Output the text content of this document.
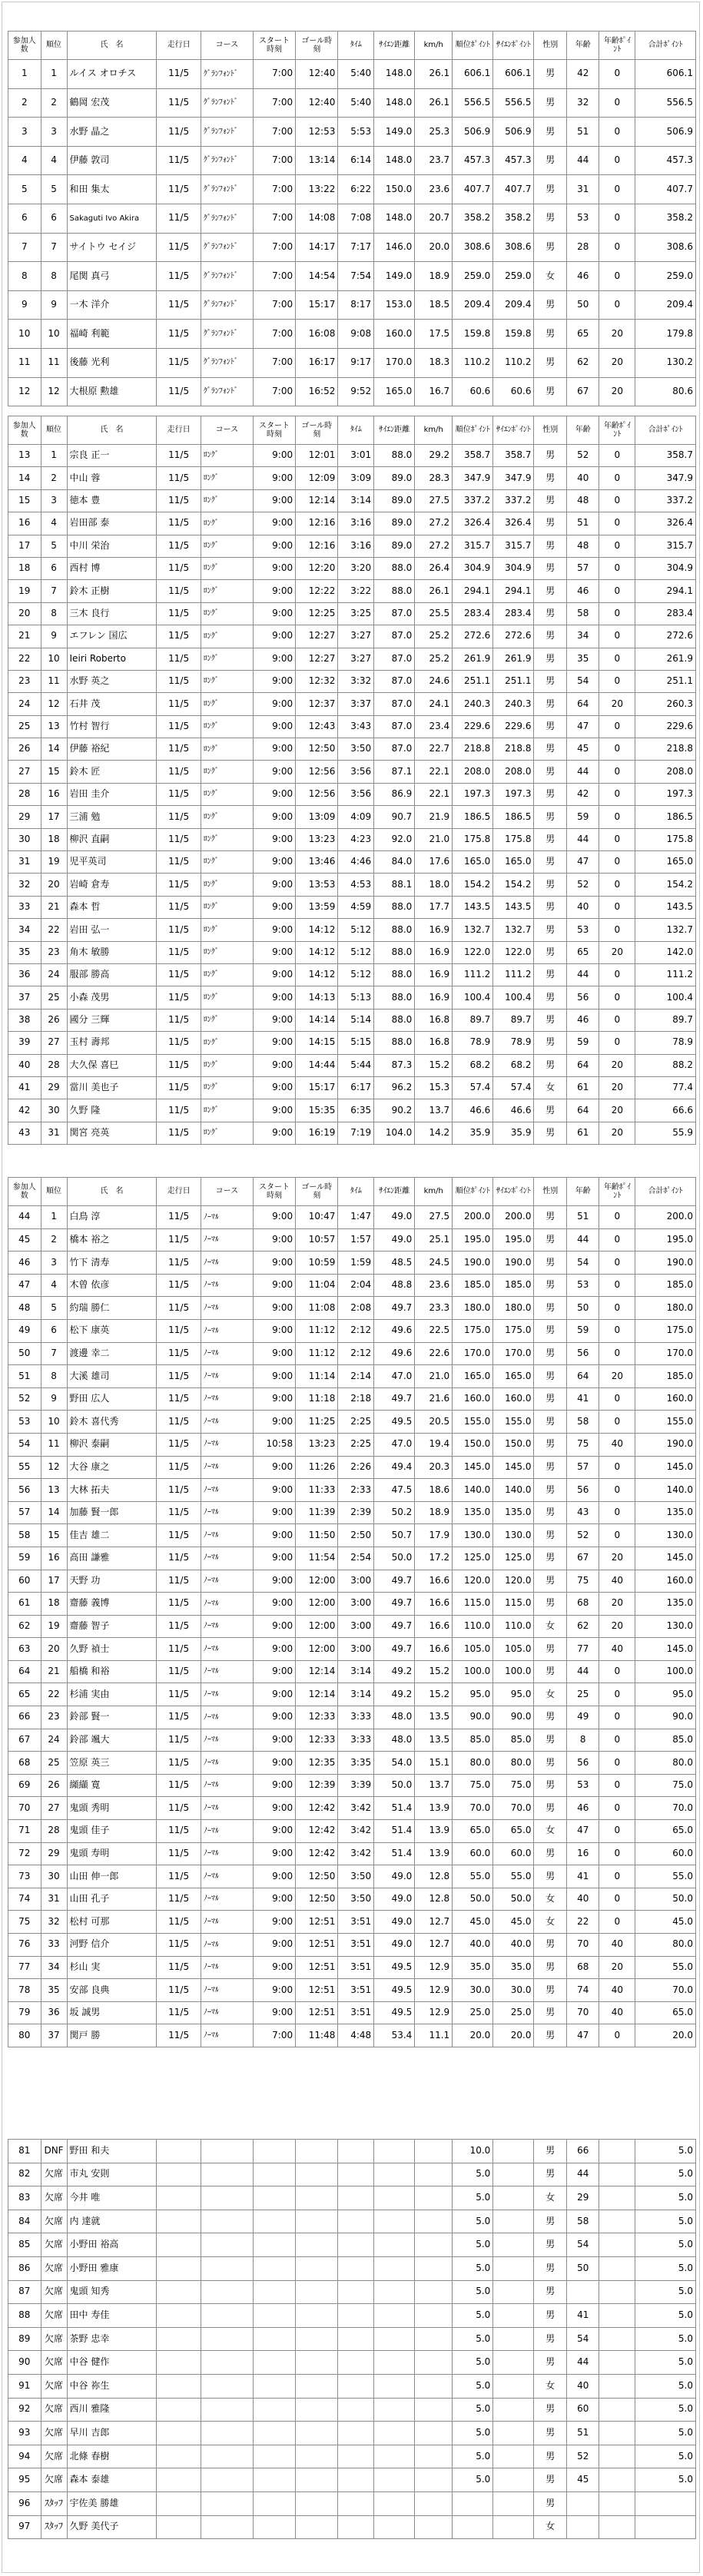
参加人数	順位	氏　名	走行日	コース	スタート時刻	ゴール時刻	ﾀｲﾑ	ｻｲｴﾝ距離	km/h	順位ﾎﾟｲﾝﾄ	ｻｲｴﾝﾎﾟｲﾝﾄ	性別	年齢	年齢ﾎﾟｲﾝﾄ	合計ﾎﾟｲﾝﾄ
1	1	ルイス オロチス	11/5	ｸﾞﾗﾝﾌｫﾝﾄﾞ	7:00	12:40	5:40	148.0	26.1	606.1	606.1	男	42	0	606.1
2	2	鶴岡 宏茂	11/5	ｸﾞﾗﾝﾌｫﾝﾄﾞ	7:00	12:40	5:40	148.0	26.1	556.5	556.5	男	32	0	556.5
3	3	水野 晶之	11/5	ｸﾞﾗﾝﾌｫﾝﾄﾞ	7:00	12:53	5:53	149.0	25.3	506.9	506.9	男	51	0	506.9
4	4	伊藤 敦司	11/5	ｸﾞﾗﾝﾌｫﾝﾄﾞ	7:00	13:14	6:14	148.0	23.7	457.3	457.3	男	44	0	457.3
5	5	和田 集太	11/5	ｸﾞﾗﾝﾌｫﾝﾄﾞ	7:00	13:22	6:22	150.0	23.6	407.7	407.7	男	31	0	407.7
6	6	Sakaguti Ivo Akira	11/5	ｸﾞﾗﾝﾌｫﾝﾄﾞ	7:00	14:08	7:08	148.0	20.7	358.2	358.2	男	53	0	358.2
7	7	サイトウ セイジ	11/5	ｸﾞﾗﾝﾌｫﾝﾄﾞ	7:00	14:17	7:17	146.0	20.0	308.6	308.6	男	28	0	308.6
8	8	尾関 真弓	11/5	ｸﾞﾗﾝﾌｫﾝﾄﾞ	7:00	14:54	7:54	149.0	18.9	259.0	259.0	女	46	0	259.0
9	9	一木 洋介	11/5	ｸﾞﾗﾝﾌｫﾝﾄﾞ	7:00	15:17	8:17	153.0	18.5	209.4	209.4	男	50	0	209.4
10	10	福崎 利範	11/5	ｸﾞﾗﾝﾌｫﾝﾄﾞ	7:00	16:08	9:08	160.0	17.5	159.8	159.8	男	65	20	179.8
11	11	後藤 光利	11/5	ｸﾞﾗﾝﾌｫﾝﾄﾞ	7:00	16:17	9:17	170.0	18.3	110.2	110.2	男	62	20	130.2
12	12	大根原 勲雄	11/5	ｸﾞﾗﾝﾌｫﾝﾄﾞ	7:00	16:52	9:52	165.0	16.7	60.6	60.6	男	67	20	80.6
参加人数	順位	氏　名	走行日	コース	スタート時刻	ゴール時刻	ﾀｲﾑ	ｻｲｴﾝ距離	km/h	順位ﾎﾟｲﾝﾄ	ｻｲｴﾝﾎﾟｲﾝﾄ	性別	年齢	年齢ﾎﾟｲﾝﾄ	合計ﾎﾟｲﾝﾄ
13	1	宗良 正一	11/5	ﾛﾝｸﾞ	9:00	12:01	3:01	88.0	29.2	358.7	358.7	男	52	0	358.7
14	2	中山 蓉	11/5	ﾛﾝｸﾞ	9:00	12:09	3:09	89.0	28.3	347.9	347.9	男	40	0	347.9
15	3	徳本 豊	11/5	ﾛﾝｸﾞ	9:00	12:14	3:14	89.0	27.5	337.2	337.2	男	48	0	337.2
16	4	岩田部 泰	11/5	ﾛﾝｸﾞ	9:00	12:16	3:16	89.0	27.2	326.4	326.4	男	51	0	326.4
17	5	中川 栄治	11/5	ﾛﾝｸﾞ	9:00	12:16	3:16	89.0	27.2	315.7	315.7	男	48	0	315.7
18	6	西村 博	11/5	ﾛﾝｸﾞ	9:00	12:20	3:20	88.0	26.4	304.9	304.9	男	57	0	304.9
19	7	鈴木 正樹	11/5	ﾛﾝｸﾞ	9:00	12:22	3:22	88.0	26.1	294.1	294.1	男	46	0	294.1
20	8	三木 良行	11/5	ﾛﾝｸﾞ	9:00	12:25	3:25	87.0	25.5	283.4	283.4	男	58	0	283.4
21	9	エフレン 国広	11/5	ﾛﾝｸﾞ	9:00	12:27	3:27	87.0	25.2	272.6	272.6	男	34	0	272.6
22	10	Ieiri Roberto	11/5	ﾛﾝｸﾞ	9:00	12:27	3:27	87.0	25.2	261.9	261.9	男	35	0	261.9
23	11	水野 英之	11/5	ﾛﾝｸﾞ	9:00	12:32	3:32	87.0	24.6	251.1	251.1	男	54	0	251.1
24	12	石井 茂	11/5	ﾛﾝｸﾞ	9:00	12:37	3:37	87.0	24.1	240.3	240.3	男	64	20	260.3
25	13	竹村 智行	11/5	ﾛﾝｸﾞ	9:00	12:43	3:43	87.0	23.4	229.6	229.6	男	47	0	229.6
26	14	伊藤 裕紀	11/5	ﾛﾝｸﾞ	9:00	12:50	3:50	87.0	22.7	218.8	218.8	男	45	0	218.8
27	15	鈴木 匠	11/5	ﾛﾝｸﾞ	9:00	12:56	3:56	87.1	22.1	208.0	208.0	男	44	0	208.0
28	16	岩田 圭介	11/5	ﾛﾝｸﾞ	9:00	12:56	3:56	86.9	22.1	197.3	197.3	男	42	0	197.3
29	17	三浦 勉	11/5	ﾛﾝｸﾞ	9:00	13:09	4:09	90.7	21.9	186.5	186.5	男	59	0	186.5
30	18	柳沢 直嗣	11/5	ﾛﾝｸﾞ	9:00	13:23	4:23	92.0	21.0	175.8	175.8	男	44	0	175.8
31	19	児平英司	11/5	ﾛﾝｸﾞ	9:00	13:46	4:46	84.0	17.6	165.0	165.0	男	47	0	165.0
32	20	岩崎 倉寿	11/5	ﾛﾝｸﾞ	9:00	13:53	4:53	88.1	18.0	154.2	154.2	男	52	0	154.2
33	21	森本 哲	11/5	ﾛﾝｸﾞ	9:00	13:59	4:59	88.0	17.7	143.5	143.5	男	40	0	143.5
34	22	岩田 弘一	11/5	ﾛﾝｸﾞ	9:00	14:12	5:12	88.0	16.9	132.7	132.7	男	53	0	132.7
35	23	角木 敏勝	11/5	ﾛﾝｸﾞ	9:00	14:12	5:12	88.0	16.9	122.0	122.0	男	65	20	142.0
36	24	服部 勝高	11/5	ﾛﾝｸﾞ	9:00	14:12	5:12	88.0	16.9	111.2	111.2	男	44	0	111.2
37	25	小森 茂男	11/5	ﾛﾝｸﾞ	9:00	14:13	5:13	88.0	16.9	100.4	100.4	男	56	0	100.4
38	26	國分 三輝	11/5	ﾛﾝｸﾞ	9:00	14:14	5:14	88.0	16.8	89.7	89.7	男	46	0	89.7
39	27	玉村 壽邦	11/5	ﾛﾝｸﾞ	9:00	14:15	5:15	88.0	16.8	78.9	78.9	男	59	0	78.9
40	28	大久保 喜巳	11/5	ﾛﾝｸﾞ	9:00	14:44	5:44	87.3	15.2	68.2	68.2	男	64	20	88.2
41	29	當川 美也子	11/5	ﾛﾝｸﾞ	9:00	15:17	6:17	96.2	15.3	57.4	57.4	女	61	20	77.4
42	30	久野 隆	11/5	ﾛﾝｸﾞ	9:00	15:35	6:35	90.2	13.7	46.6	46.6	男	64	20	66.6
43	31	関宮 亮英	11/5	ﾛﾝｸﾞ	9:00	16:19	7:19	104.0	14.2	35.9	35.9	男	61	20	55.9
参加人数	順位	氏　名	走行日	コース	スタート時刻	ゴール時刻	ﾀｲﾑ	ｻｲｴﾝ距離	km/h	順位ﾎﾟｲﾝﾄ	ｻｲｴﾝﾎﾟｲﾝﾄ	性別	年齢	年齢ﾎﾟｲﾝﾄ	合計ﾎﾟｲﾝﾄ
44	1	白鳥 淳	11/5	ﾉｰﾏﾙ	9:00	10:47	1:47	49.0	27.5	200.0	200.0	男	51	0	200.0
45	2	橋本 裕之	11/5	ﾉｰﾏﾙ	9:00	10:57	1:57	49.0	25.1	195.0	195.0	男	44	0	195.0
46	3	竹下 清寿	11/5	ﾉｰﾏﾙ	9:00	10:59	1:59	48.5	24.5	190.0	190.0	男	54	0	190.0
47	4	木曾 依彦	11/5	ﾉｰﾏﾙ	9:00	11:04	2:04	48.8	23.6	185.0	185.0	男	53	0	185.0
48	5	約瑞 勝仁	11/5	ﾉｰﾏﾙ	9:00	11:08	2:08	49.7	23.3	180.0	180.0	男	50	0	180.0
49	6	松下 康英	11/5	ﾉｰﾏﾙ	9:00	11:12	2:12	49.6	22.5	175.0	175.0	男	59	0	175.0
50	7	渡邊 幸二	11/5	ﾉｰﾏﾙ	9:00	11:12	2:12	49.6	22.6	170.0	170.0	男	56	0	170.0
51	8	大溪 雄司	11/5	ﾉｰﾏﾙ	9:00	11:14	2:14	47.0	21.0	165.0	165.0	男	64	20	185.0
52	9	野田 広人	11/5	ﾉｰﾏﾙ	9:00	11:18	2:18	49.7	21.6	160.0	160.0	男	41	0	160.0
53	10	鈴木 喜代秀	11/5	ﾉｰﾏﾙ	9:00	11:25	2:25	49.5	20.5	155.0	155.0	男	58	0	155.0
54	11	柳沢 泰嗣	11/5	ﾉｰﾏﾙ	10:58	13:23	2:25	47.0	19.4	150.0	150.0	男	75	40	190.0
55	12	大谷 康之	11/5	ﾉｰﾏﾙ	9:00	11:26	2:26	49.4	20.3	145.0	145.0	男	57	0	145.0
56	13	大林 拓夫	11/5	ﾉｰﾏﾙ	9:00	11:33	2:33	47.5	18.6	140.0	140.0	男	56	0	140.0
57	14	加藤 賢一郎	11/5	ﾉｰﾏﾙ	9:00	11:39	2:39	50.2	18.9	135.0	135.0	男	43	0	135.0
58	15	佳吉 雄二	11/5	ﾉｰﾏﾙ	9:00	11:50	2:50	50.7	17.9	130.0	130.0	男	52	0	130.0
59	16	高田 謙雅	11/5	ﾉｰﾏﾙ	9:00	11:54	2:54	50.0	17.2	125.0	125.0	男	67	20	145.0
60	17	天野 功	11/5	ﾉｰﾏﾙ	9:00	12:00	3:00	49.7	16.6	120.0	120.0	男	75	40	160.0
61	18	齋藤 義博	11/5	ﾉｰﾏﾙ	9:00	12:00	3:00	49.7	16.6	115.0	115.0	男	68	20	135.0
62	19	齋藤 智子	11/5	ﾉｰﾏﾙ	9:00	12:00	3:00	49.7	16.6	110.0	110.0	女	62	20	130.0
63	20	久野 禎士	11/5	ﾉｰﾏﾙ	9:00	12:00	3:00	49.7	16.6	105.0	105.0	男	77	40	145.0
64	21	船橋 和裕	11/5	ﾉｰﾏﾙ	9:00	12:14	3:14	49.2	15.2	100.0	100.0	男	44	0	100.0
65	22	杉浦 実由	11/5	ﾉｰﾏﾙ	9:00	12:14	3:14	49.2	15.2	95.0	95.0	女	25	0	95.0
66	23	鈴部 賢一	11/5	ﾉｰﾏﾙ	9:00	12:33	3:33	48.0	13.5	90.0	90.0	男	49	0	90.0
67	24	鈴部 颯大	11/5	ﾉｰﾏﾙ	9:00	12:33	3:33	48.0	13.5	85.0	85.0	男	8	0	85.0
68	25	笠原 英三	11/5	ﾉｰﾏﾙ	9:00	12:35	3:35	54.0	15.1	80.0	80.0	男	56	0	80.0
69	26	纐纈 寛	11/5	ﾉｰﾏﾙ	9:00	12:39	3:39	50.0	13.7	75.0	75.0	男	53	0	75.0
70	27	鬼頭 秀明	11/5	ﾉｰﾏﾙ	9:00	12:42	3:42	51.4	13.9	70.0	70.0	男	46	0	70.0
71	28	鬼頭 佳子	11/5	ﾉｰﾏﾙ	9:00	12:42	3:42	51.4	13.9	65.0	65.0	女	47	0	65.0
72	29	鬼頭 寿明	11/5	ﾉｰﾏﾙ	9:00	12:42	3:42	51.4	13.9	60.0	60.0	男	16	0	60.0
73	30	山田 伸一郎	11/5	ﾉｰﾏﾙ	9:00	12:50	3:50	49.0	12.8	55.0	55.0	男	41	0	55.0
74	31	山田 孔子	11/5	ﾉｰﾏﾙ	9:00	12:50	3:50	49.0	12.8	50.0	50.0	女	40	0	50.0
75	32	松村 可那	11/5	ﾉｰﾏﾙ	9:00	12:51	3:51	49.0	12.7	45.0	45.0	女	22	0	45.0
76	33	河野 信介	11/5	ﾉｰﾏﾙ	9:00	12:51	3:51	49.0	12.7	40.0	40.0	男	70	40	80.0
77	34	杉山 実	11/5	ﾉｰﾏﾙ	9:00	12:51	3:51	49.5	12.9	35.0	35.0	男	68	20	55.0
78	35	安部 良典	11/5	ﾉｰﾏﾙ	9:00	12:51	3:51	49.5	12.9	30.0	30.0	男	74	40	70.0
79	36	坂 誠男	11/5	ﾉｰﾏﾙ	9:00	12:51	3:51	49.5	12.9	25.0	25.0	男	70	40	65.0
80	37	関戸 勝	11/5	ﾉｰﾏﾙ	7:00	11:48	4:48	53.4	11.1	20.0	20.0	男	47	0	20.0
81	DNF	野田 和夫								10.0		男	66		5.0
82	欠席	市丸 安則								5.0		男	44		5.0
83	欠席	今井 唯								5.0		女	29		5.0
84	欠席	内 達就								5.0		男	58		5.0
85	欠席	小野田 裕高								5.0		男	54		5.0
86	欠席	小野田 雅康								5.0		男	50		5.0
87	欠席	鬼頭 知秀								5.0		男			5.0
88	欠席	田中 寿佳								5.0		男	41		5.0
89	欠席	茶野 忠幸								5.0		男	54		5.0
90	欠席	中谷 健作								5.0		男	44		5.0
91	欠席	中谷 祢生								5.0		女	40		5.0
92	欠席	西川 雅隆								5.0		男	60		5.0
93	欠席	早川 吉郎								5.0		男	51		5.0
94	欠席	北條 春樹								5.0		男	52		5.0
95	欠席	森本 泰雄								5.0		男	45		5.0
96	ｽﾀｯﾌ	宇佐美 勝雄										男			
97	ｽﾀｯﾌ	久野 美代子										女			
